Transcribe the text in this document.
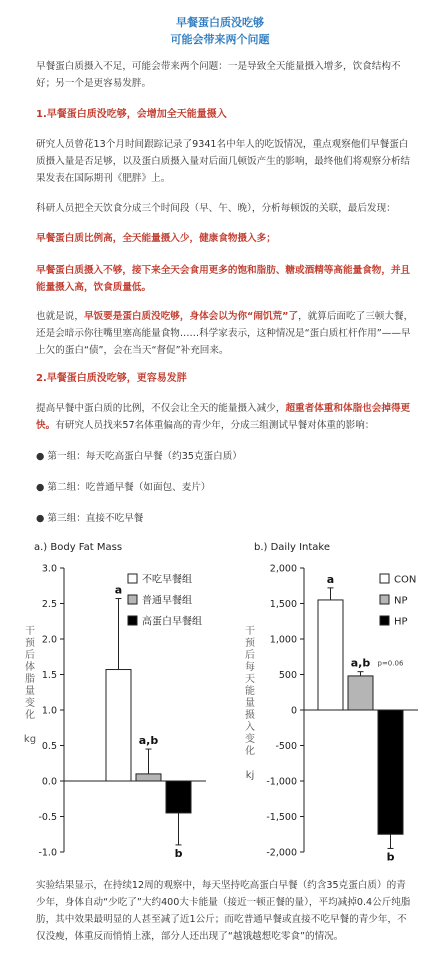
早餐蛋白质没吃够
可能会带来两个问题
早餐蛋白质摄入不足，可能会带来两个问题：一是导致全天能量摄入增多，饮食结构不好；另一个是更容易发胖。
1.早餐蛋白质没吃够，会增加全天能量摄入
研究人员曾花13个月时间跟踪记录了9341名中年人的吃饭情况，重点观察他们早餐蛋白质摄入量是否足够，以及蛋白质摄入量对后面几顿饭产生的影响，最终他们将观察分析结果发表在国际期刊《肥胖》上。
科研人员把全天饮食分成三个时间段（早、午、晚），分析每顿饭的关联，最后发现：
早餐蛋白质比例高，全天能量摄入少，健康食物摄入多；
早餐蛋白质摄入不够，接下来全天会食用更多的饱和脂肪、糖或酒精等高能量食物，并且能量摄入高，饮食质量低。
也就是说，早饭要是蛋白质没吃够，身体会以为你“闹饥荒”了，就算后面吃了三顿大餐，还是会暗示你往嘴里塞高能量食物……科学家表示，这种情况是“蛋白质杠杆作用”——早上欠的蛋白“债”，会在当天“督促”补充回来。
2.早餐蛋白质没吃够，更容易发胖
提高早餐中蛋白质的比例，不仅会让全天的能量摄入减少，超重者体重和体脂也会掉得更快。有研究人员找来57名体重偏高的青少年，分成三组测试早餐对体重的影响：
● 第一组：每天吃高蛋白早餐（约35克蛋白质）
● 第二组：吃普通早餐（如面包、麦片）
● 第三组：直接不吃早餐
a.) Body Fat Mass
3.0
2.5
2.0
1.5
1.0
0.5
0.0
-0.5
-1.0
干
预
后
体
脂
量
变
化
kg
a
a,b
b
不吃早餐组
普通早餐组
高蛋白早餐组
b.) Daily Intake
2,000
1,500
1,000
500
0
-500
-1,000
-1,500
-2,000
干
预
后
每
天
能
量
摄
入
变
化
kj
a
a,b p=0.06
b
CON
NP
HP
实验结果显示，在持续12周的观察中，每天坚持吃高蛋白早餐（约含35克蛋白质）的青少年，身体自动“少吃了”大约400大卡能量（接近一顿正餐的量），平均减掉0.4公斤纯脂肪，其中效果最明显的人甚至减了近1公斤；而吃普通早餐或直接不吃早餐的青少年，不仅没瘦，体重反而悄悄上涨，部分人还出现了“越饿越想吃零食”的情况。
